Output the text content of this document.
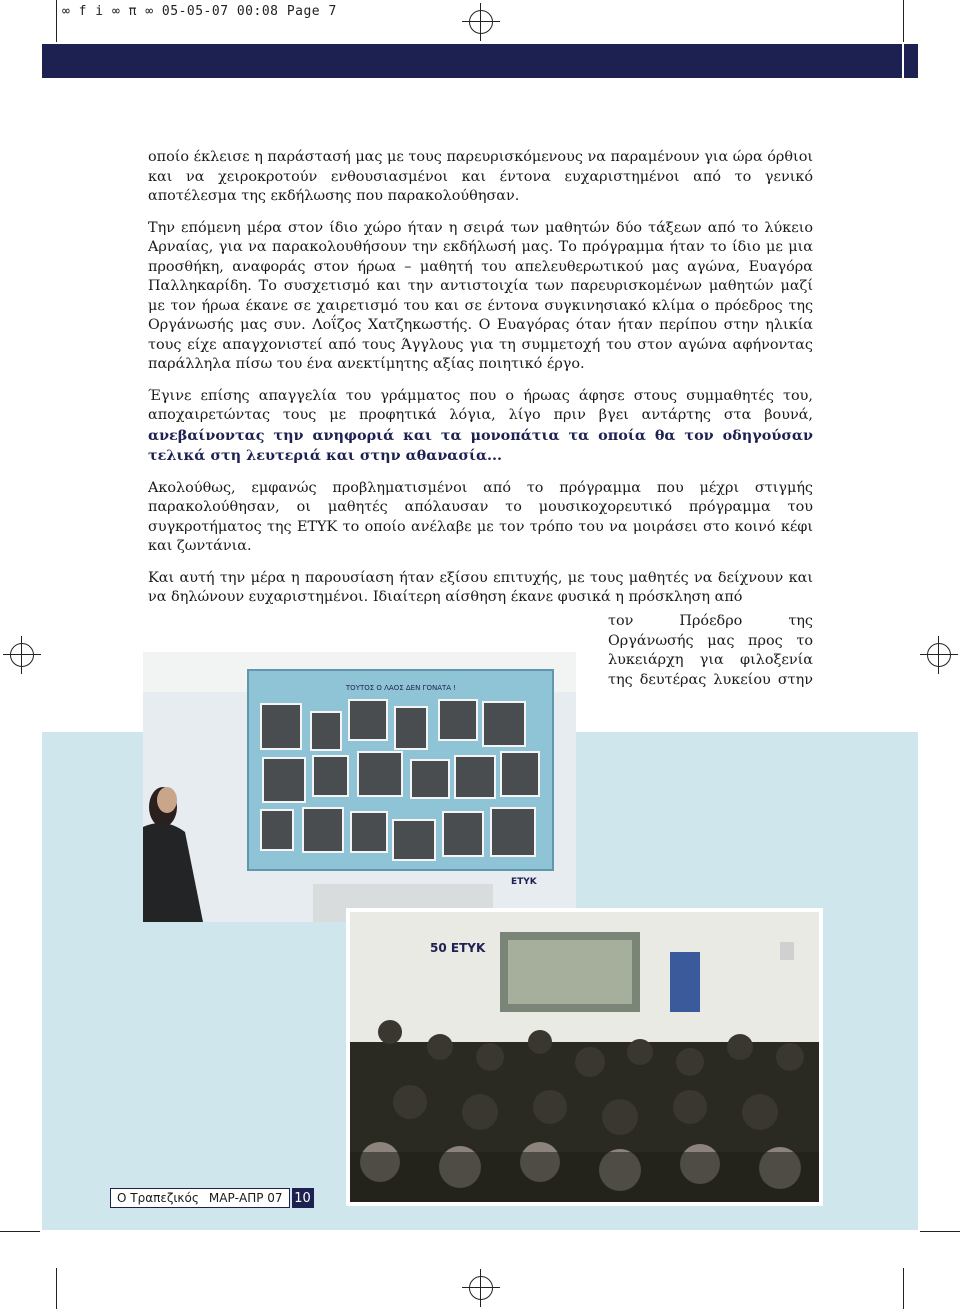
∞ f i ∞ π ∞ 05-05-07 00:08 Page 7

οποίο έκλεισε η παράστασή μας με τους παρευρισκόμενους να παραμένουν για ώρα όρθιοι και να χειροκροτούν ενθουσιασμένοι και έντονα ευχαριστημένοι από το γενικό αποτέλεσμα της εκδήλωσης που παρακολούθησαν.

Την επόμενη μέρα στον ίδιο χώρο ήταν η σειρά των μαθητών δύο τάξεων από το λύκειο Αρναίας, για να παρακολουθήσουν την εκδήλωσή μας. Το πρόγραμμα ήταν το ίδιο με μια προσθήκη, αναφοράς στον ήρωα – μαθητή του απελευθερωτικού μας αγώνα, Ευαγόρα Παλληκαρίδη. Το συσχετισμό και την αντιστοιχία των παρευρισκομένων μαθητών μαζί με τον ήρωα έκανε σε χαιρετισμό του και σε έντονα συγκινησιακό κλίμα ο πρόεδρος της Οργάνωσής μας συν. Λοΐζος Χατζηκωστής. Ο Ευαγόρας όταν ήταν περίπου στην ηλικία τους είχε απαγχονιστεί από τους Άγγλους για τη συμμετοχή του στον αγώνα αφήνοντας παράλληλα πίσω του ένα ανεκτίμητης αξίας ποιητικό έργο.

Έγινε επίσης απαγγελία του γράμματος που ο ήρωας άφησε στους συμμαθητές του, αποχαιρετώντας τους με προφητικά λόγια, λίγο πριν βγει αντάρτης στα βουνά, ανεβαίνοντας την ανηφοριά και τα μονοπάτια τα οποία θα τον οδηγούσαν τελικά στη λευτεριά και στην αθανασία...

Ακολούθως, εμφανώς προβληματισμένοι από το πρόγραμμα που μέχρι στιγμής παρακολούθησαν, οι μαθητές απόλαυσαν το μουσικοχορευτικό πρόγραμμα του συγκροτήματος της ΕΤΥΚ το οποίο ανέλαβε με τον τρόπο του να μοιράσει στο κοινό κέφι και ζωντάνια.

Και αυτή την μέρα η παρουσίαση ήταν εξίσου επιτυχής, με τους μαθητές να δείχνουν και να δηλώνουν ευχαριστημένοι. Ιδιαίτερη αίσθηση έκανε φυσικά η πρόσκληση από

τον Πρόεδρο της
Οργάνωσής μας προς το
λυκειάρχη για φιλοξενία
της δευτέρας λυκείου στην
ΤΟΥΤΟΣ Ο ΛΑΟΣ ΔΕΝ ΓΟΝΑΤΑ !
ΕΤΥΚ
50 ΕΤΥΚ
Ο Τραπεζικός ΜΑΡ-ΑΠΡ 07 10
